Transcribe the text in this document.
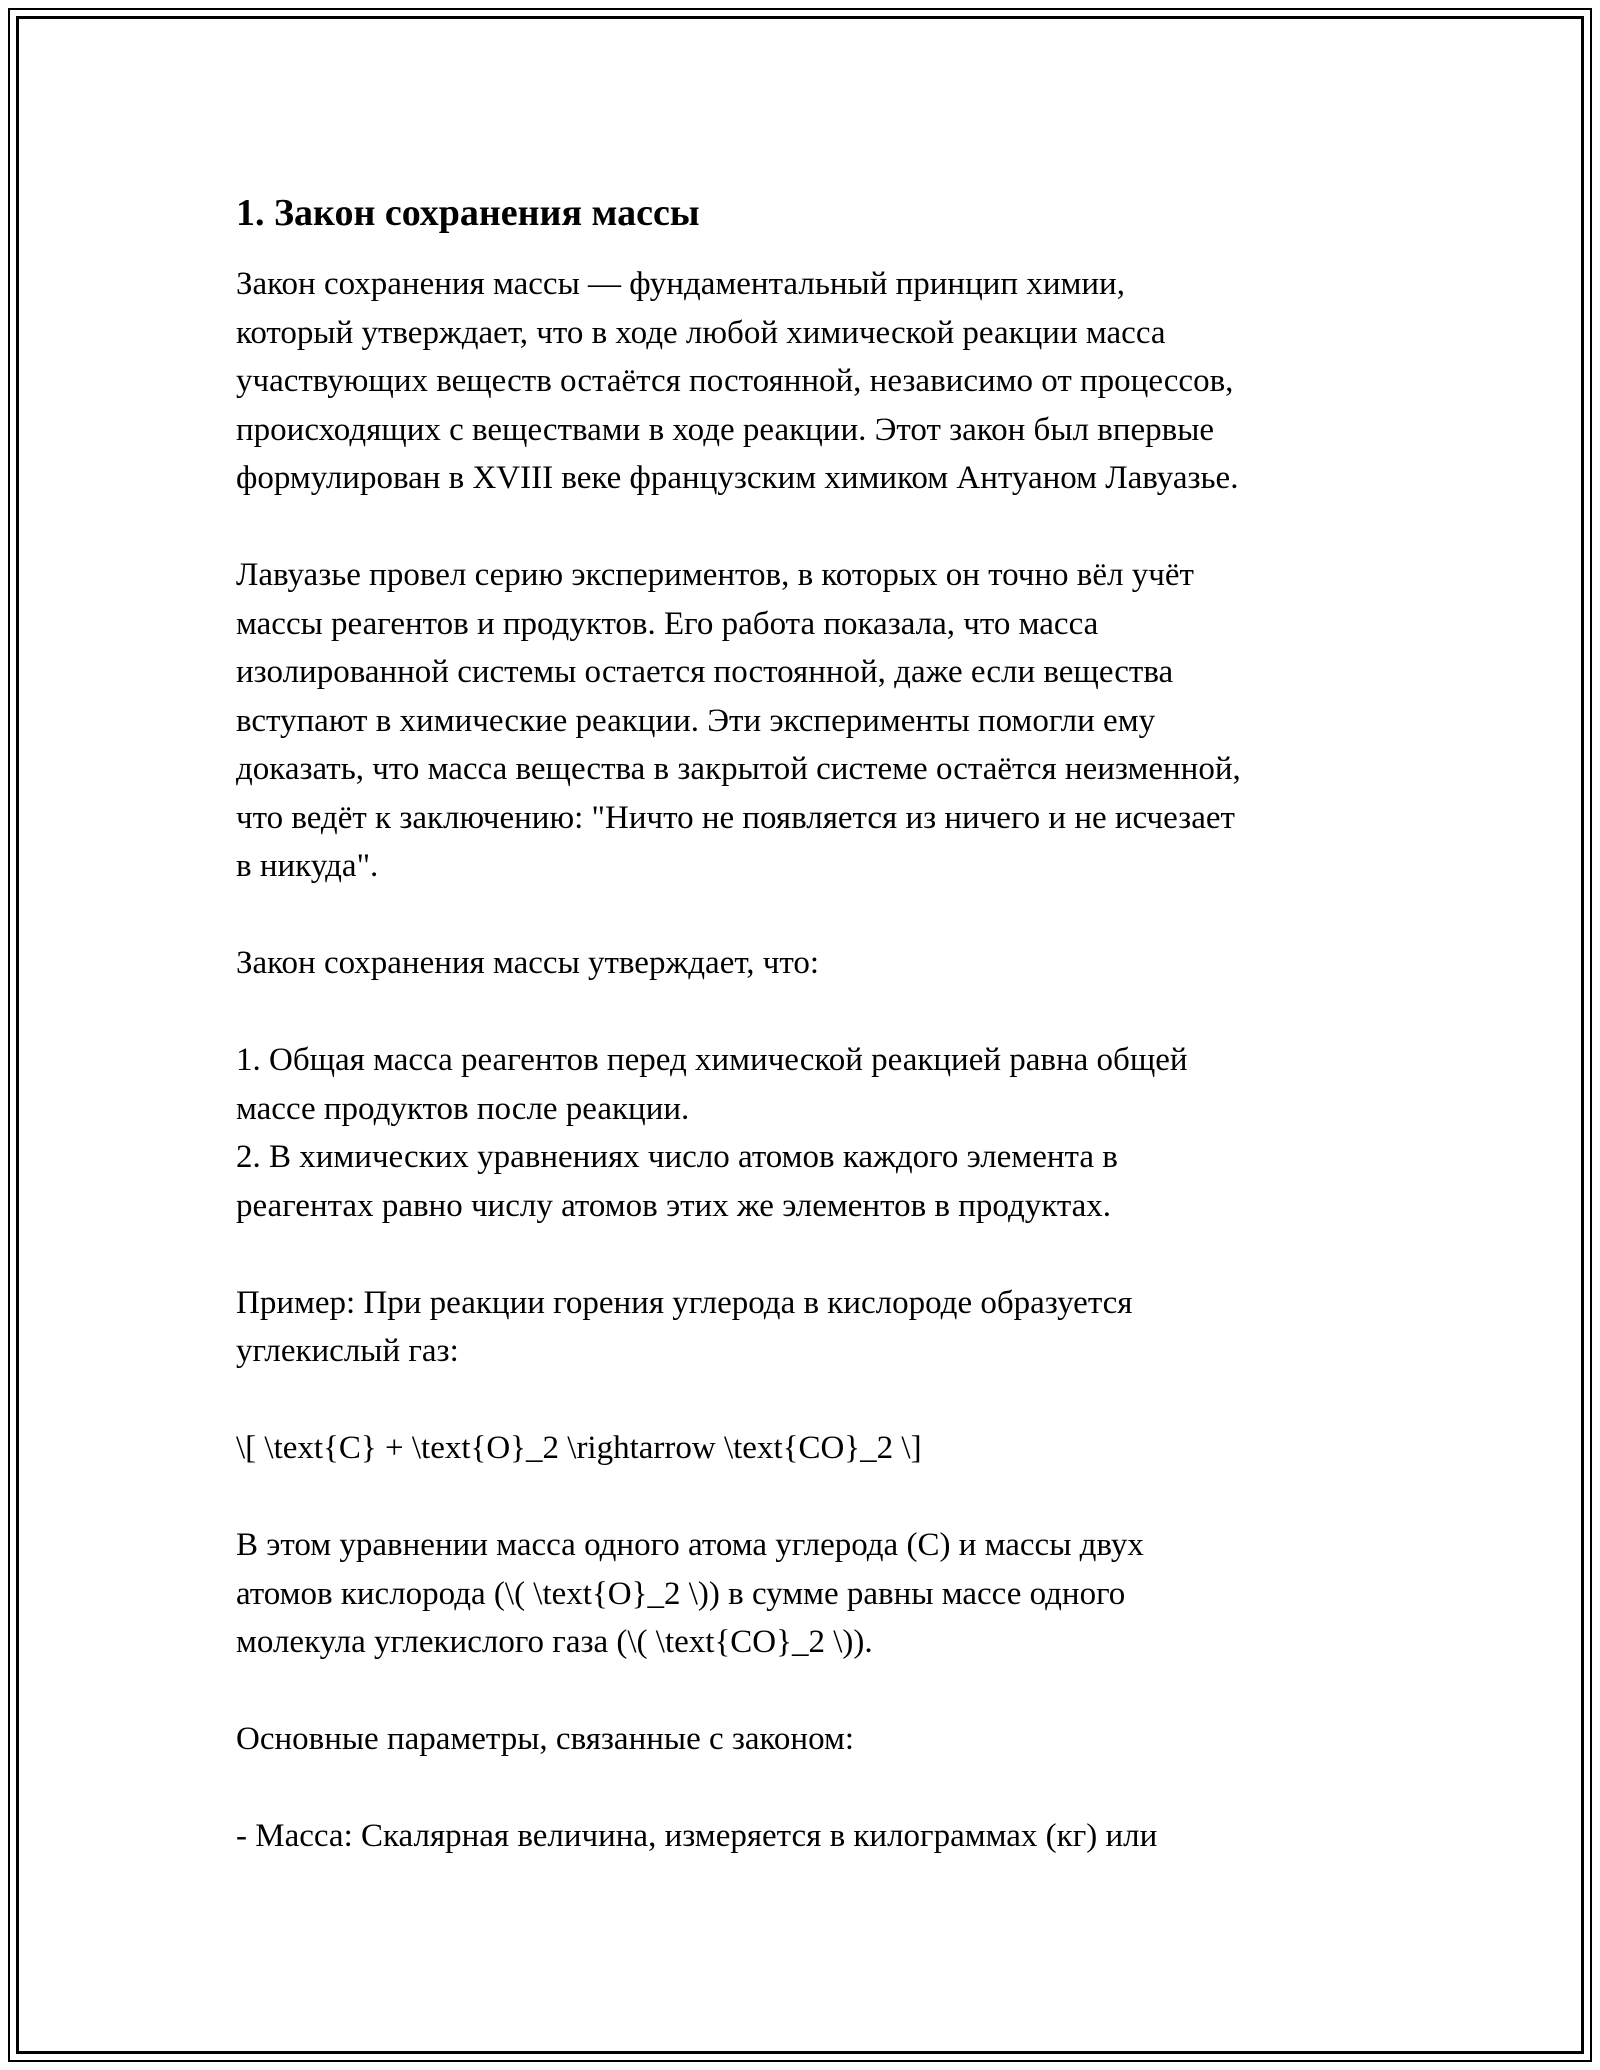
1. Закон сохранения массы

Закон сохранения массы — фундаментальный принцип химии,
который утверждает, что в ходе любой химической реакции масса
участвующих веществ остаётся постоянной, независимо от процессов,
происходящих с веществами в ходе реакции. Этот закон был впервые
формулирован в XVIII веке французским химиком Антуаном Лавуазье.

Лавуазье провел серию экспериментов, в которых он точно вёл учёт
массы реагентов и продуктов. Его работа показала, что масса
изолированной системы остается постоянной, даже если вещества
вступают в химические реакции. Эти эксперименты помогли ему
доказать, что масса вещества в закрытой системе остаётся неизменной,
что ведёт к заключению: "Ничто не появляется из ничего и не исчезает
в никуда".

Закон сохранения массы утверждает, что:

1. Общая масса реагентов перед химической реакцией равна общей
массе продуктов после реакции.
2. В химических уравнениях число атомов каждого элемента в
реагентах равно числу атомов этих же элементов в продуктах.

Пример: При реакции горения углерода в кислороде образуется
углекислый газ:

\[ \text{C} + \text{O}_2 \rightarrow \text{CO}_2 \]

В этом уравнении масса одного атома углерода (C) и массы двух
атомов кислорода (\( \text{O}_2 \)) в сумме равны массе одного
молекула углекислого газа (\( \text{CO}_2 \)).

Основные параметры, связанные с законом:

- Масса: Скалярная величина, измеряется в килограммах (кг) или
